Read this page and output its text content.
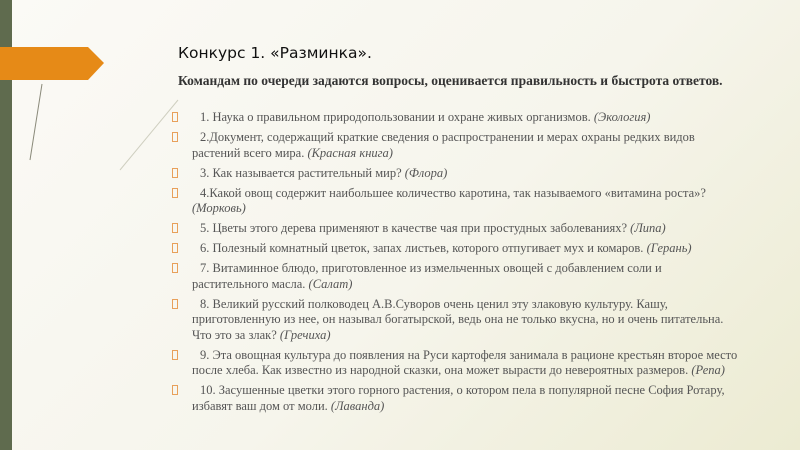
Конкурс 1. «Разминка».
Командам по очереди задаются вопросы, оценивается правильность и быстрота ответов.
1. Наука о правильном природопользовании и охране живых организмов. (Экология)
2.Документ, содержащий краткие сведения о распространении и мерах охраны редких видов растений всего мира. (Красная книга)
3. Как называется растительный мир? (Флора)
4.Какой овощ содержит наибольшее количество каротина, так называемого «витамина роста»? (Морковь)
5. Цветы этого дерева применяют в качестве чая при простудных заболеваниях? (Липа)
6. Полезный комнатный цветок, запах листьев, которого отпугивает мух и комаров. (Герань)
7. Витаминное блюдо, приготовленное из измельченных овощей с добавлением соли и растительного масла. (Салат)
8. Великий русский полководец А.В.Суворов очень ценил эту злаковую культуру. Кашу, приготовленную из нее, он называл богатырской, ведь она не только вкусна, но и очень питательна. Что это за злак? (Гречиха)
9. Эта овощная культура до появления на Руси картофеля занимала в рационе крестьян второе место после хлеба. Как известно из народной сказки, она может вырасти до невероятных размеров. (Репа)
10. Засушенные цветки этого горного растения, о котором пела в популярной песне София Ротару, избавят ваш дом от моли. (Лаванда)
